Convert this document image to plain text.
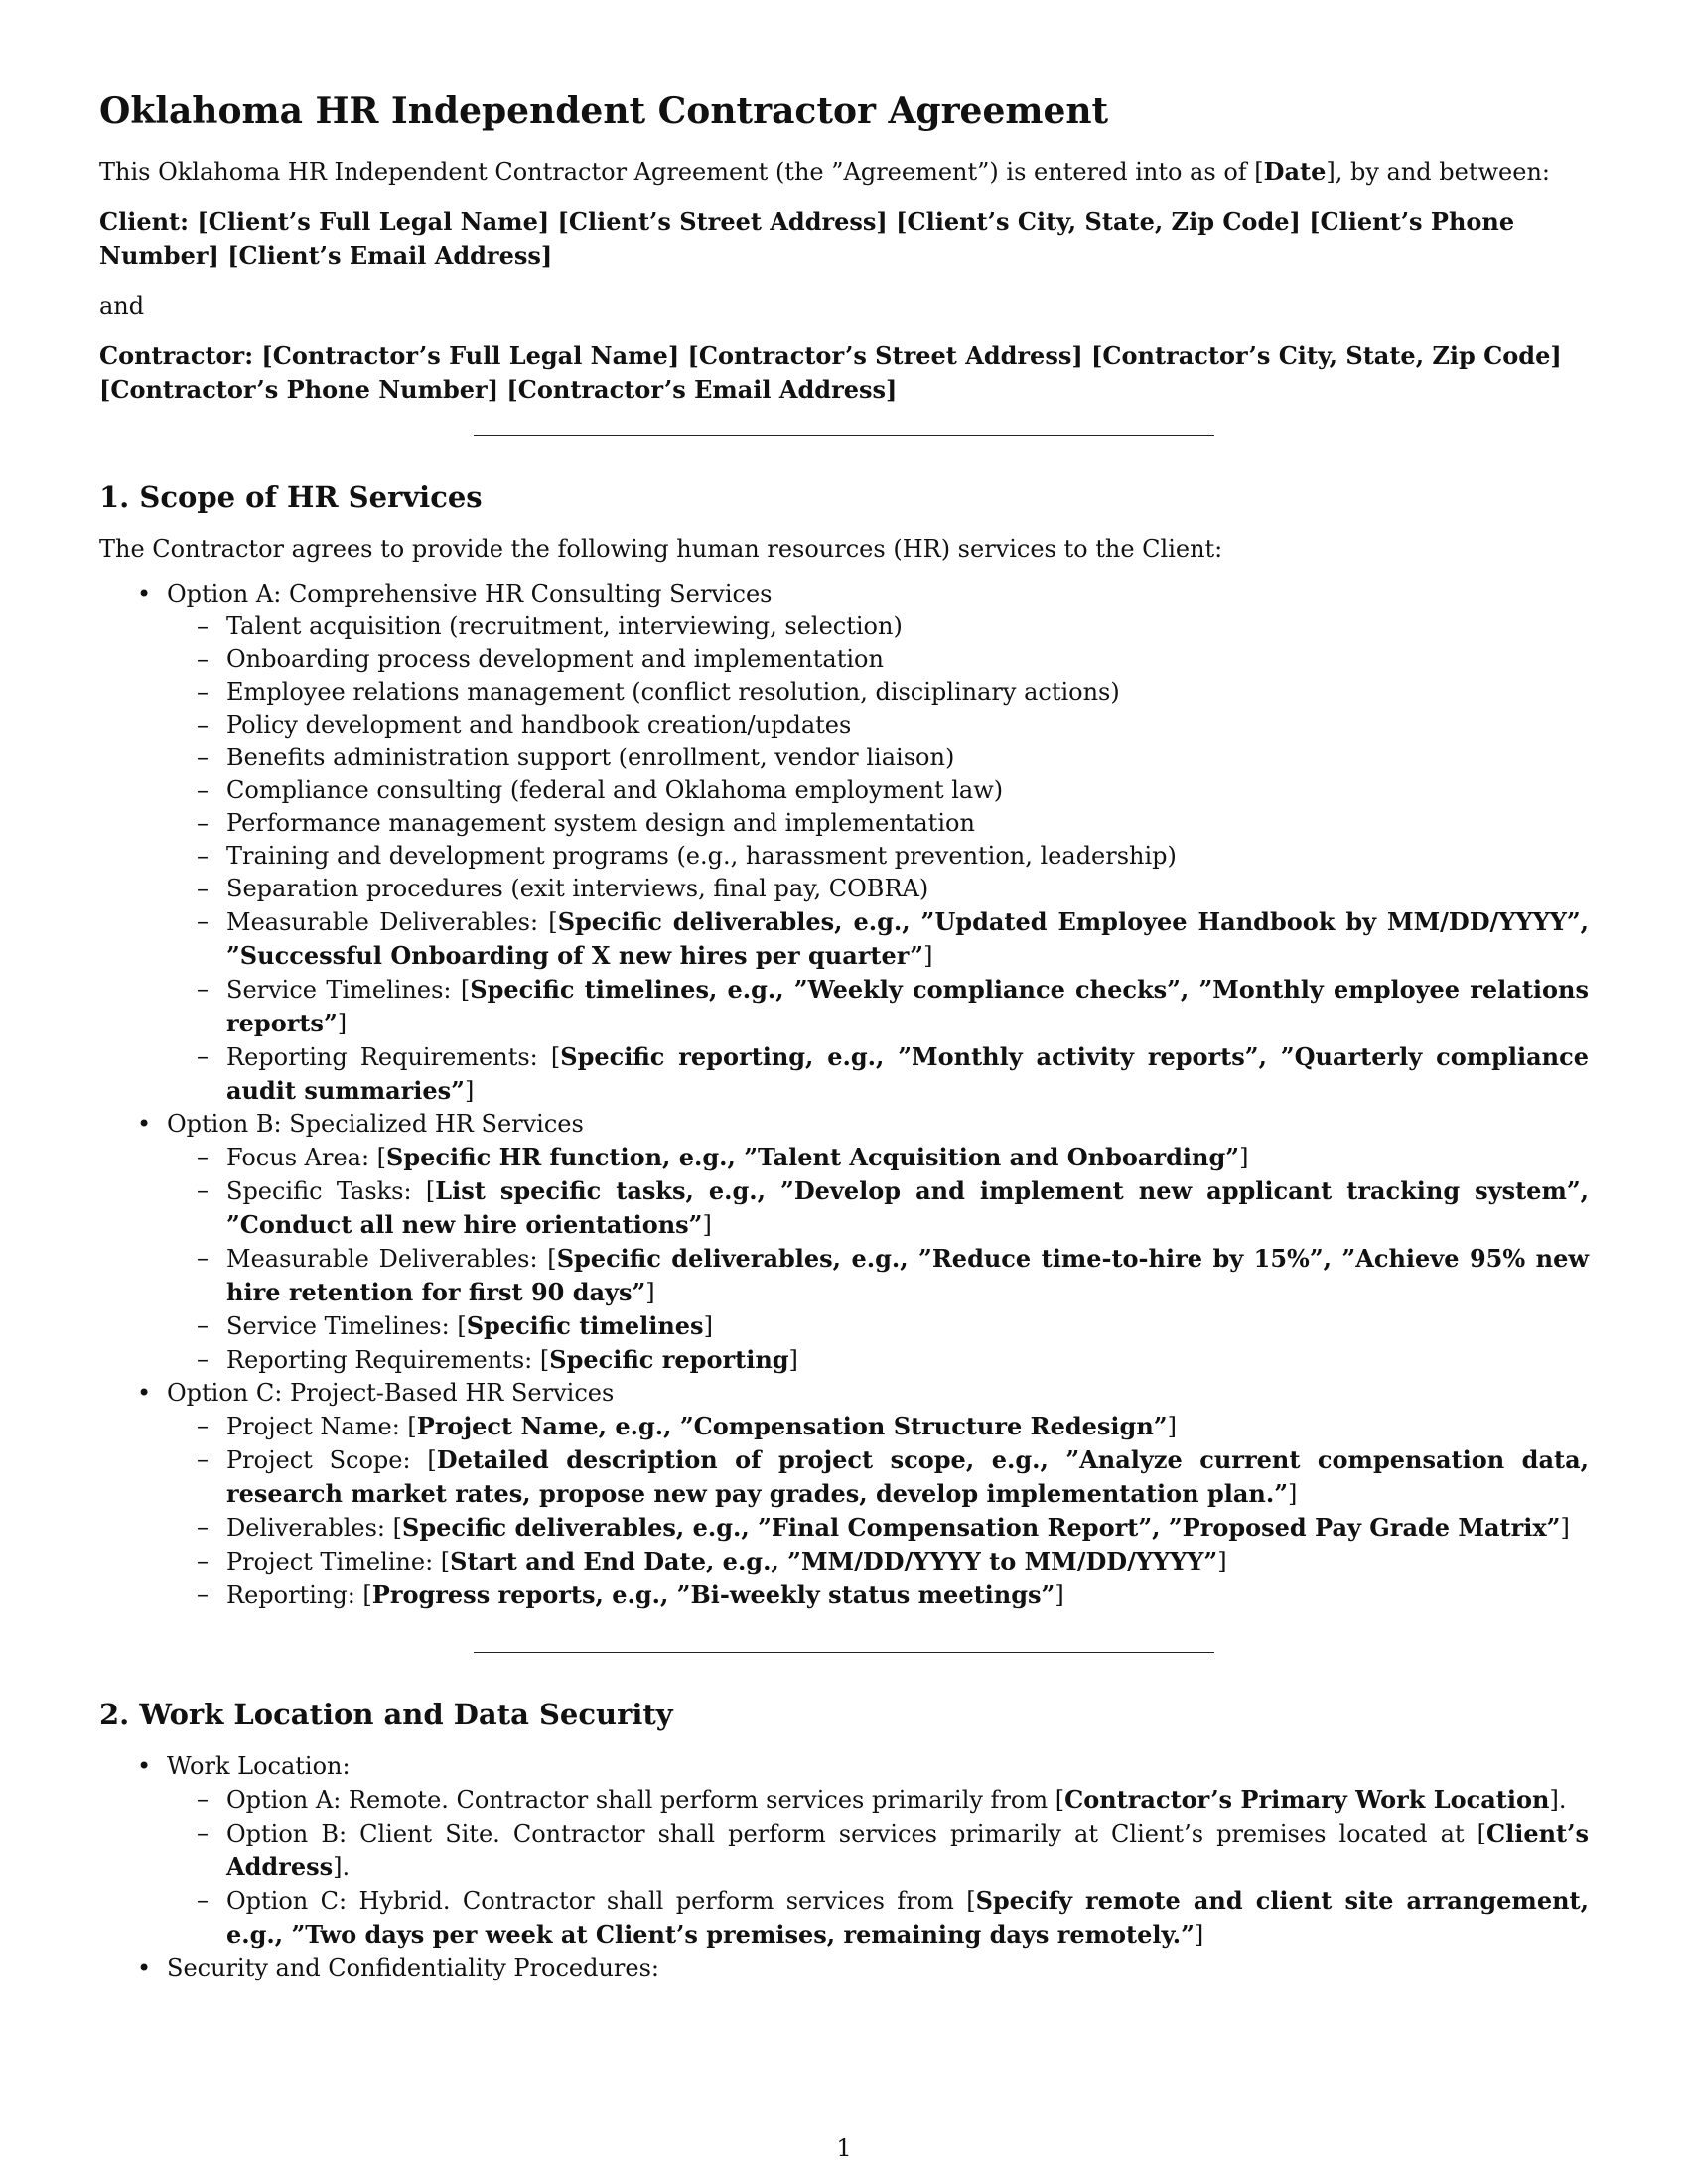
Oklahoma HR Independent Contractor Agreement

This Oklahoma HR Independent Contractor Agreement (the ”Agreement”) is entered into as of [Date], by and between:

Client: [Client’s Full Legal Name] [Client’s Street Address] [Client’s City, State, Zip Code] [Client’s Phone Number] [Client’s Email Address]

and

Contractor: [Contractor’s Full Legal Name] [Contractor’s Street Address] [Contractor’s City, State, Zip Code] [Contractor’s Phone Number] [Contractor’s Email Address]

1. Scope of HR Services

The Contractor agrees to provide the following human resources (HR) services to the Client:

• Option A: Comprehensive HR Consulting Services
– Talent acquisition (recruitment, interviewing, selection)
– Onboarding process development and implementation
– Employee relations management (conflict resolution, disciplinary actions)
– Policy development and handbook creation/updates
– Benefits administration support (enrollment, vendor liaison)
– Compliance consulting (federal and Oklahoma employment law)
– Performance management system design and implementation
– Training and development programs (e.g., harassment prevention, leadership)
– Separation procedures (exit interviews, final pay, COBRA)
– Measurable Deliverables: [Specific deliverables, e.g., ”Updated Employee Handbook by MM/DD/YYYY”, ”Successful Onboarding of X new hires per quarter”]
– Service Timelines: [Specific timelines, e.g., ”Weekly compliance checks”, ”Monthly employee relations reports”]
– Reporting Requirements: [Specific reporting, e.g., ”Monthly activity reports”, ”Quarterly compliance audit summaries”]
• Option B: Specialized HR Services
– Focus Area: [Specific HR function, e.g., ”Talent Acquisition and Onboarding”]
– Specific Tasks: [List specific tasks, e.g., ”Develop and implement new applicant tracking system”, ”Conduct all new hire orientations”]
– Measurable Deliverables: [Specific deliverables, e.g., ”Reduce time-to-hire by 15%”, ”Achieve 95% new hire retention for first 90 days”]
– Service Timelines: [Specific timelines]
– Reporting Requirements: [Specific reporting]
• Option C: Project-Based HR Services
– Project Name: [Project Name, e.g., ”Compensation Structure Redesign”]
– Project Scope: [Detailed description of project scope, e.g., ”Analyze current compensation data, research market rates, propose new pay grades, develop implementation plan.”]
– Deliverables: [Specific deliverables, e.g., ”Final Compensation Report”, ”Proposed Pay Grade Matrix”]
– Project Timeline: [Start and End Date, e.g., ”MM/DD/YYYY to MM/DD/YYYY”]
– Reporting: [Progress reports, e.g., ”Bi-weekly status meetings”]
2. Work Location and Data Security
• Work Location:
– Option A: Remote. Contractor shall perform services primarily from [Contractor’s Primary Work Location].
– Option B: Client Site. Contractor shall perform services primarily at Client’s premises located at [Client’s Address].
– Option C: Hybrid. Contractor shall perform services from [Specify remote and client site arrangement, e.g., ”Two days per week at Client’s premises, remaining days remotely.”]
• Security and Confidentiality Procedures:
1
